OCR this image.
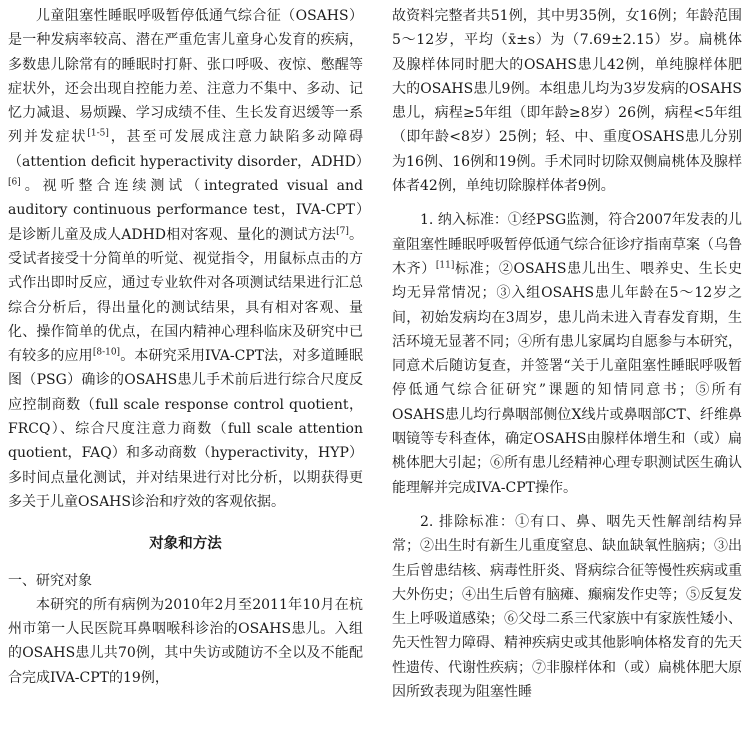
儿童阻塞性睡眠呼吸暂停低通气综合征（OSAHS）是一种发病率较高、潜在严重危害儿童身心发育的疾病，多数患儿除常有的睡眠时打鼾、张口呼吸、夜惊、憋醒等症状外，还会出现自控能力差、注意力不集中、多动、记忆力减退、易烦躁、学习成绩不佳、生长发育迟缓等一系列并发症状[1-5]，甚至可发展成注意力缺陷多动障碍（attention deficit hyperactivity disorder，ADHD）[6]。视听整合连续测试（integrated visual and auditory continuous performance test，IVA-CPT）是诊断儿童及成人ADHD相对客观、量化的测试方法[7]。受试者接受十分简单的听觉、视觉指令，用鼠标点击的方式作出即时反应，通过专业软件对各项测试结果进行汇总综合分析后，得出量化的测试结果，具有相对客观、量化、操作简单的优点，在国内精神心理科临床及研究中已有较多的应用[8-10]。本研究采用IVA-CPT法，对多道睡眠图（PSG）确诊的OSAHS患儿手术前后进行综合尺度反应控制商数（full scale response control quotient，FRCQ）、综合尺度注意力商数（full scale attention quotient，FAQ）和多动商数（hyperactivity，HYP）多时间点量化测试，并对结果进行对比分析，以期获得更多关于儿童OSAHS诊治和疗效的客观依据。

对象和方法

一、研究对象

本研究的所有病例为2010年2月至2011年10月在杭州市第一人民医院耳鼻咽喉科诊治的OSAHS患儿。入组的OSAHS患儿共70例，其中失访或随访不全以及不能配合完成IVA-CPT的19例，

故资料完整者共51例，其中男35例，女16例；年龄范围5～12岁，平均（x̄±s）为（7.69±2.15）岁。扁桃体及腺样体同时肥大的OSAHS患儿42例，单纯腺样体肥大的OSAHS患儿9例。本组患儿均为3岁发病的OSAHS患儿，病程≥5年组（即年龄≥8岁）26例，病程<5年组（即年龄<8岁）25例；轻、中、重度OSAHS患儿分别为16例、16例和19例。手术同时切除双侧扁桃体及腺样体者42例，单纯切除腺样体者9例。

1. 纳入标准：①经PSG监测，符合2007年发表的儿童阻塞性睡眠呼吸暂停低通气综合征诊疗指南草案（乌鲁木齐）[11]标准；②OSAHS患儿出生、喂养史、生长史均无异常情况；③入组OSAHS患儿年龄在5～12岁之间，初始发病均在3周岁，患儿尚未进入青春发育期，生活环境无显著不同；④所有患儿家属均自愿参与本研究，同意术后随访复查，并签署“关于儿童阻塞性睡眠呼吸暂停低通气综合征研究”课题的知情同意书；⑤所有OSAHS患儿均行鼻咽部侧位X线片或鼻咽部CT、纤维鼻咽镜等专科查体，确定OSAHS由腺样体增生和（或）扁桃体肥大引起；⑥所有患儿经精神心理专职测试医生确认能理解并完成IVA-CPT操作。

2. 排除标准：①有口、鼻、咽先天性解剖结构异常；②出生时有新生儿重度窒息、缺血缺氧性脑病；③出生后曾患结核、病毒性肝炎、肾病综合征等慢性疾病或重大外伤史；④出生后曾有脑瘫、癫痫发作史等；⑤反复发生上呼吸道感染；⑥父母二系三代家族中有家族性矮小、先天性智力障碍、精神疾病史或其他影响体格发育的先天性遗传、代谢性疾病；⑦非腺样体和（或）扁桃体肥大原因所致表现为阻塞性睡
